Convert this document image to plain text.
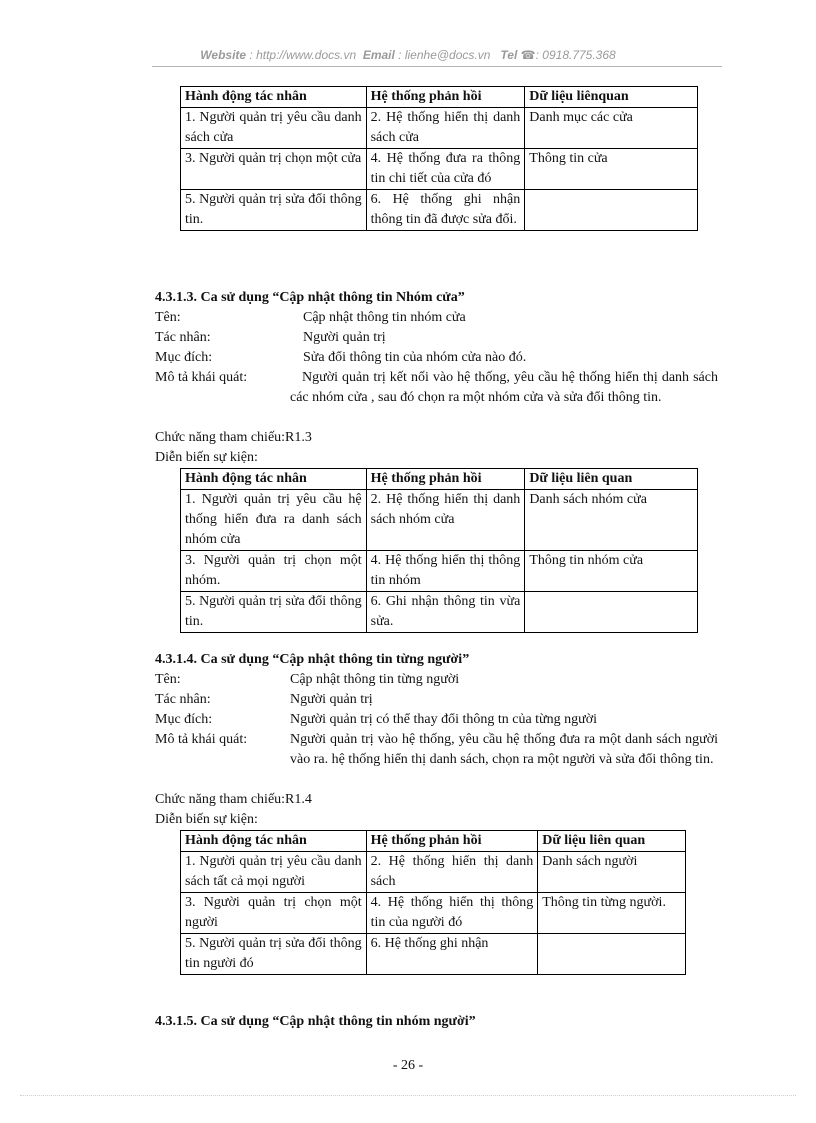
Website : http://www.docs.vn Email : lienhe@docs.vn Tel ☎: 0918.775.368
Hành động tác nhân	Hệ thống phản hồi	Dữ liệu liênquan
1. Người quản trị yêu cầu danh sách cửa	2. Hệ thống hiển thị danh sách cửa	Danh mục các cửa
3. Người quản trị chọn một cửa	4. Hệ thống đưa ra thông tin chi tiết của cửa đó	Thông tin cửa
5. Người quản trị sửa đổi thông tin.	6. Hệ thống ghi nhận thông tin đã được sửa đổi.	
4.3.1.3. Ca sử dụng “Cập nhật thông tin Nhóm cửa”
Tên:	Cập nhật thông tin nhóm cửa
Tác nhân:	Người quản trị
Mục đích:	Sửa đổi thông tin của nhóm cửa nào đó.
Mô tả khái quát:	Người quản trị kết nối vào hệ thống, yêu cầu hệ thống hiển thị danh sách các nhóm cửa , sau đó chọn ra một nhóm cửa và sửa đổi thông tin.
Chức năng tham chiếu:R1.3
Diễn biến sự kiện:
Hành động tác nhân	Hệ thống phản hồi	Dữ liệu liên quan
1. Người quản trị yêu cầu hệ thống hiển đưa ra danh sách nhóm cửa	2. Hệ thống hiển thị danh sách nhóm cửa	Danh sách nhóm cửa
3. Người quản trị chọn một nhóm.	4. Hệ thống hiển thị thông tin nhóm	Thông tin nhóm cửa
5. Người quản trị sửa đổi thông tin.	6. Ghi nhận thông tin vừa sửa.	
4.3.1.4. Ca sử dụng “Cập nhật thông tin từng người”
Tên:	Cập nhật thông tin từng người
Tác nhân:	Người quản trị
Mục đích:	Người quản trị có thể thay đổi thông tn của từng người
Mô tả khái quát:	Người quản trị vào hệ thống, yêu cầu hệ thống đưa ra một danh sách người vào ra. hệ thống hiển thị danh sách, chọn ra một người và sửa đổi thông tin.
Chức năng tham chiếu:R1.4
Diễn biến sự kiện:
Hành động tác nhân	Hệ thống phản hồi	Dữ liệu liên quan
1. Người quản trị yêu cầu danh sách tất cả mọi người	2. Hệ thống hiển thị danh sách	Danh sách người
3. Người quản trị chọn một người	4. Hệ thống hiển thị thông tin của người đó	Thông tin từng người.
5. Người quản trị sửa đổi thông tin người đó	6. Hệ thống ghi nhận	
4.3.1.5. Ca sử dụng “Cập nhật thông tin nhóm người”
- 26 -
